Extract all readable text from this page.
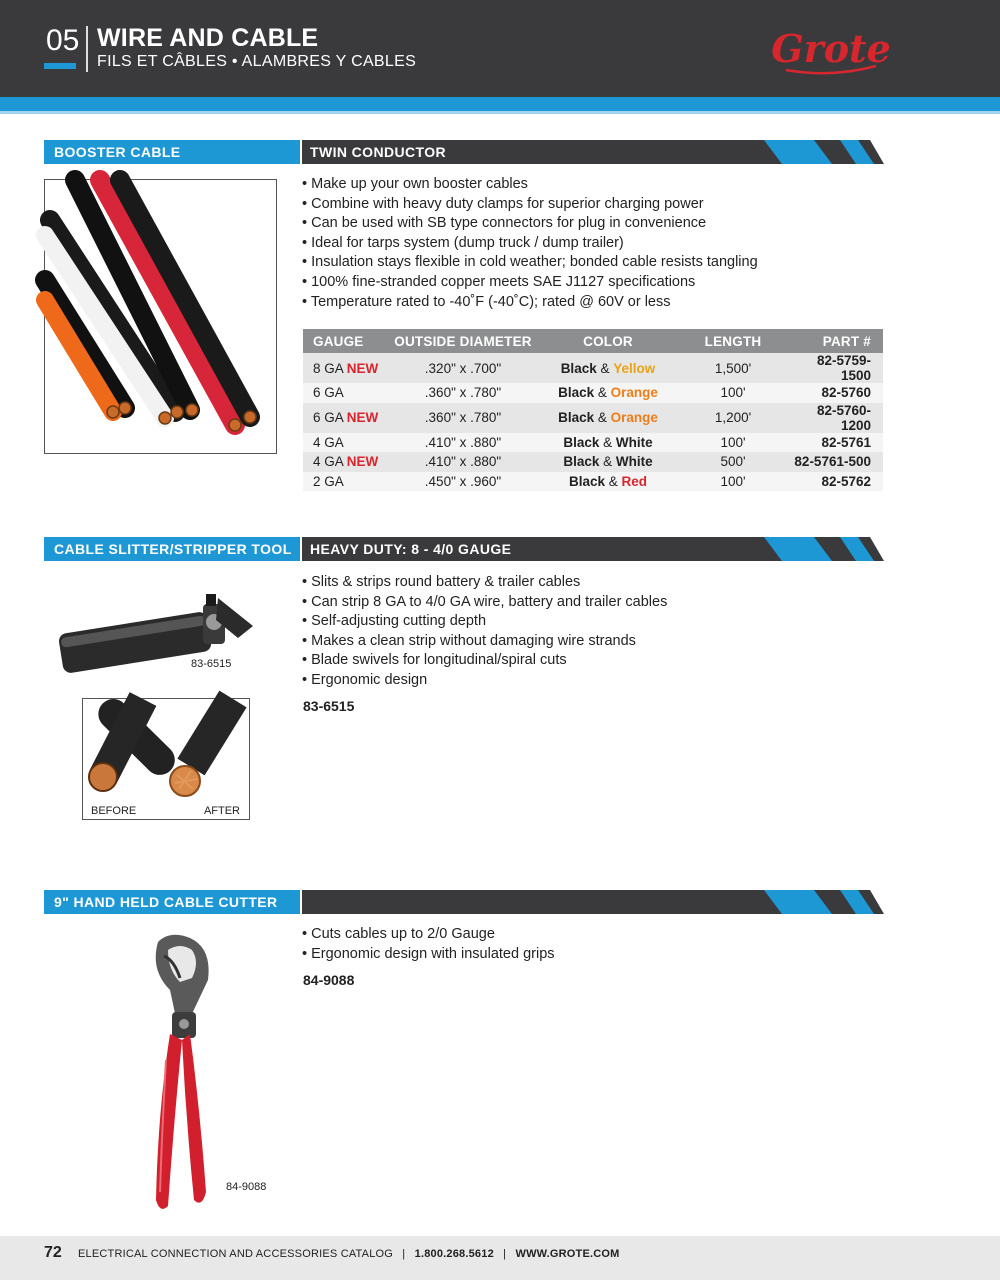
05 WIRE AND CABLE
FILS ET CÂBLES • ALAMBRES Y CABLES	Grote
BOOSTER CABLE	TWIN CONDUCTOR
• Make up your own booster cables
• Combine with heavy duty clamps for superior charging power
• Can be used with SB type connectors for plug in convenience
• Ideal for tarps system (dump truck / dump trailer)
• Insulation stays flexible in cold weather; bonded cable resists tangling
• 100% fine-stranded copper meets SAE J1127 specifications
• Temperature rated to -40˚F (-40˚C); rated @ 60V or less
GAUGE	OUTSIDE DIAMETER	COLOR	LENGTH	PART #
8 GA NEW	.320" x .700"	Black & Yellow	1,500'	82-5759-1500
6 GA	.360" x .780"	Black & Orange	100'	82-5760
6 GA NEW	.360" x .780"	Black & Orange	1,200'	82-5760-1200
4 GA	.410" x .880"	Black & White	100'	82-5761
4 GA NEW	.410" x .880"	Black & White	500'	82-5761-500
2 GA	.450" x .960"	Black & Red	100'	82-5762
CABLE SLITTER/STRIPPER TOOL	HEAVY DUTY: 8 - 4/0 GAUGE
83-6515
BEFORE	AFTER
• Slits & strips round battery & trailer cables
• Can strip 8 GA to 4/0 GA wire, battery and trailer cables
• Self-adjusting cutting depth
• Makes a clean strip without damaging wire strands
• Blade swivels for longitudinal/spiral cuts
• Ergonomic design
83-6515
9" HAND HELD CABLE CUTTER
84-9088
• Cuts cables up to 2/0 Gauge
• Ergonomic design with insulated grips
84-9088
72 ELECTRICAL CONNECTION AND ACCESSORIES CATALOG | 1.800.268.5612 | WWW.GROTE.COM
